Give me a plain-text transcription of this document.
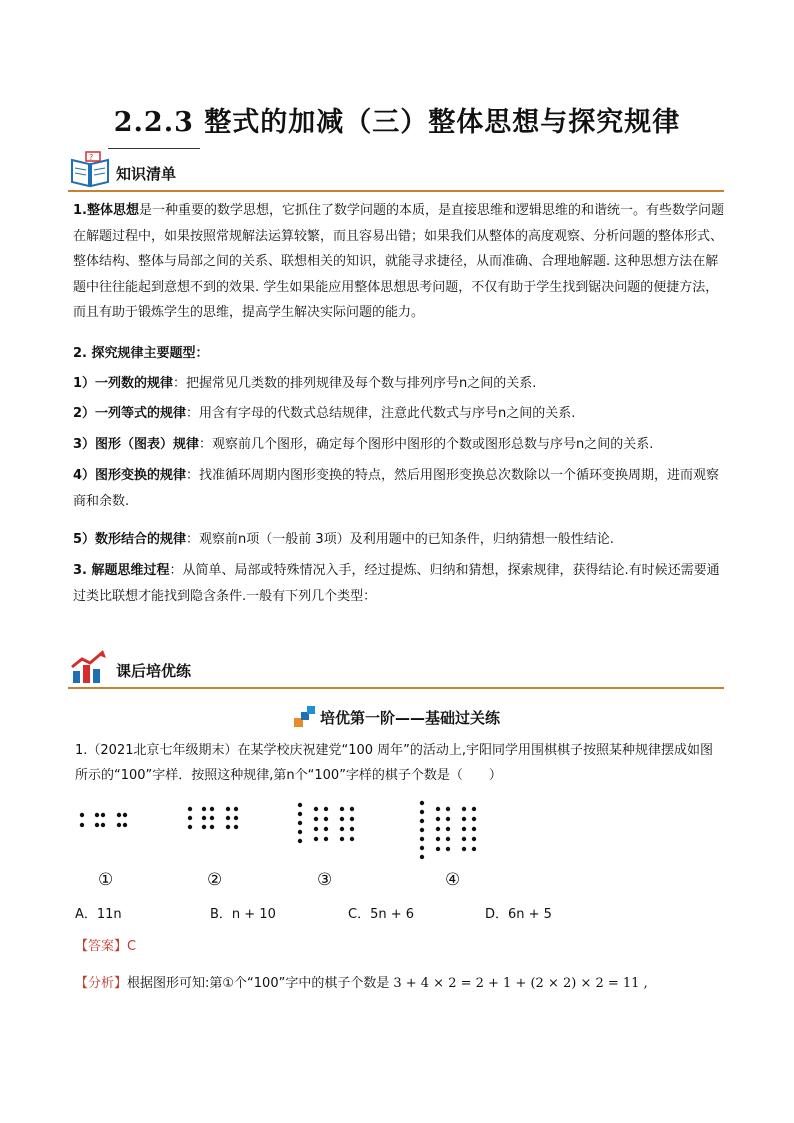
2.2.3 整式的加减（三）整体思想与探究规律
?
知识清单
1.整体思想是一种重要的数学思想，它抓住了数学问题的本质，是直接思维和逻辑思维的和谐统一。有些数学问题在解题过程中，如果按照常规解法运算较繁，而且容易出错；如果我们从整体的高度观察、分析问题的整体形式、整体结构、整体与局部之间的关系、联想相关的知识，就能寻求捷径，从而准确、合理地解题. 这种思想方法在解题中往往能起到意想不到的效果. 学生如果能应用整体思想思考问题，不仅有助于学生找到锯决问题的便捷方法，而且有助于锻炼学生的思维，提高学生解决实际问题的能力。
2. 探究规律主要题型：
1）一列数的规律：把握常见几类数的排列规律及每个数与排列序号n之间的关系.
2）一列等式的规律：用含有字母的代数式总结规律，注意此代数式与序号n之间的关系.
3）图形（图表）规律：观察前几个图形，确定每个图形中图形的个数或图形总数与序号n之间的关系.
4）图形变换的规律：找准循环周期内图形变换的特点，然后用图形变换总次数除以一个循环变换周期，进而观察商和余数.
5）数形结合的规律：观察前n项（一般前 3项）及利用题中的已知条件，归纳猜想一般性结论.
3. 解题思维过程：从简单、局部或特殊情况入手，经过提炼、归纳和猜想，探索规律，获得结论.有时候还需要通过类比联想才能找到隐含条件.一般有下列几个类型：
课后培优练
培优第一阶——基础过关练
1.（2021北京七年级期末）在某学校庆祝建党“100 周年”的活动上,宇阳同学用围棋棋子按照某种规律摆成如图所示的“100”字样．按照这种规律,第n个“100”字样的棋子个数是（　　）
①	②	③	④
A．11n	B．n + 10	C．5n + 6	D．6n + 5
【答案】C
【分析】根据图形可知:第①个“100”字中的棋子个数是 3 + 4 × 2 = 2 + 1 + (2 × 2) × 2 = 11 ,
